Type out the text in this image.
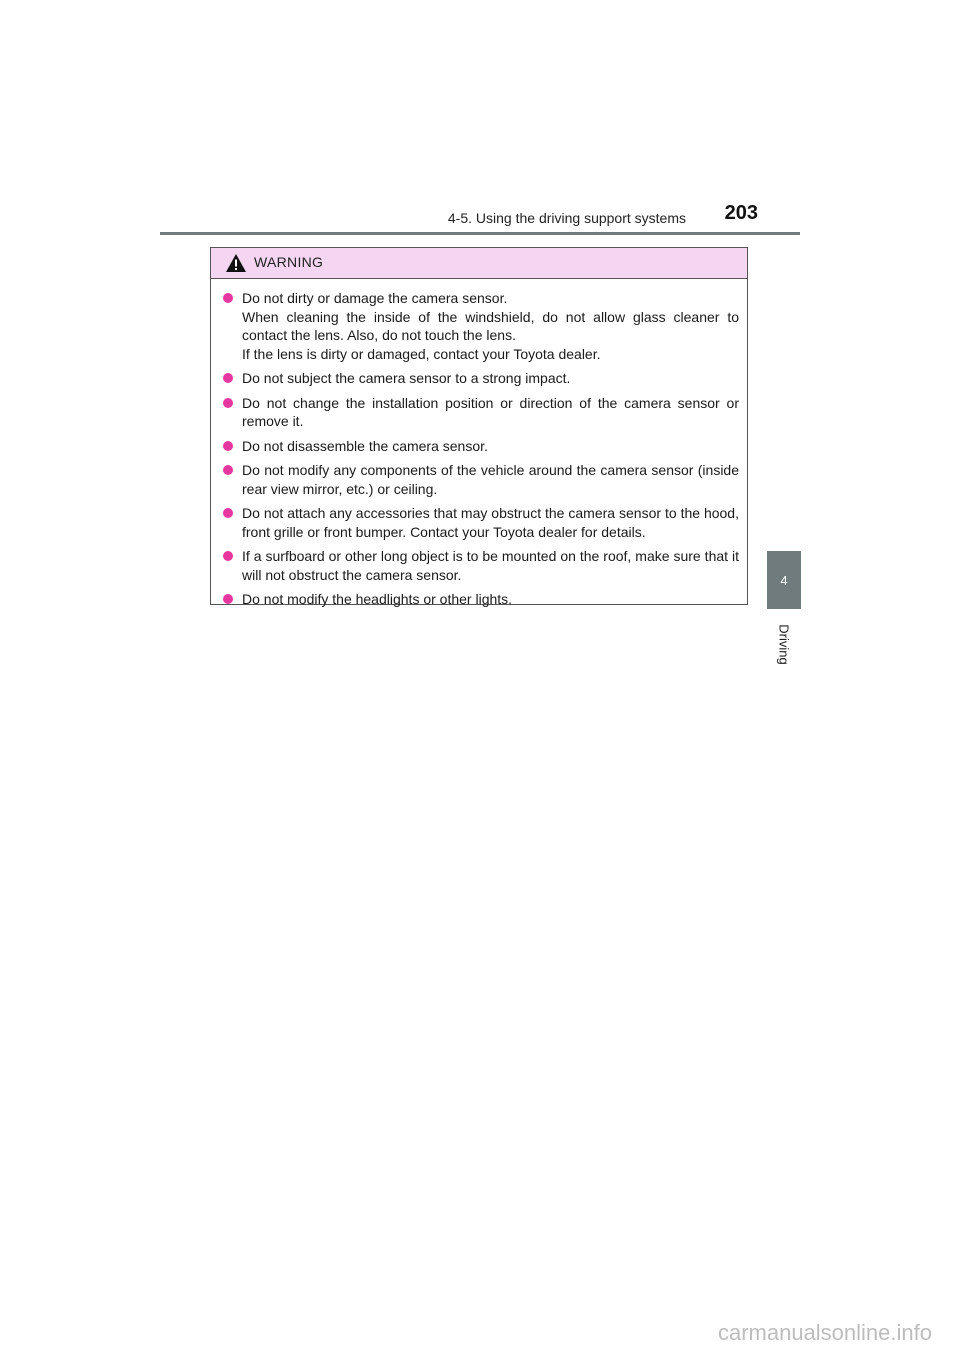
4-5. Using the driving support systems 203
4
Driving
WARNING
Do not dirty or damage the camera sensor.
When cleaning the inside of the windshield, do not allow glass cleaner to contact the lens. Also, do not touch the lens.
If the lens is dirty or damaged, contact your Toyota dealer.
Do not subject the camera sensor to a strong impact.
Do not change the installation position or direction of the camera sensor or remove it.
Do not disassemble the camera sensor.
Do not modify any components of the vehicle around the camera sensor (inside rear view mirror, etc.) or ceiling.
Do not attach any accessories that may obstruct the camera sensor to the hood, front grille or front bumper. Contact your Toyota dealer for details.
If a surfboard or other long object is to be mounted on the roof, make sure that it will not obstruct the camera sensor.
Do not modify the headlights or other lights.
carmanualsonline.info
